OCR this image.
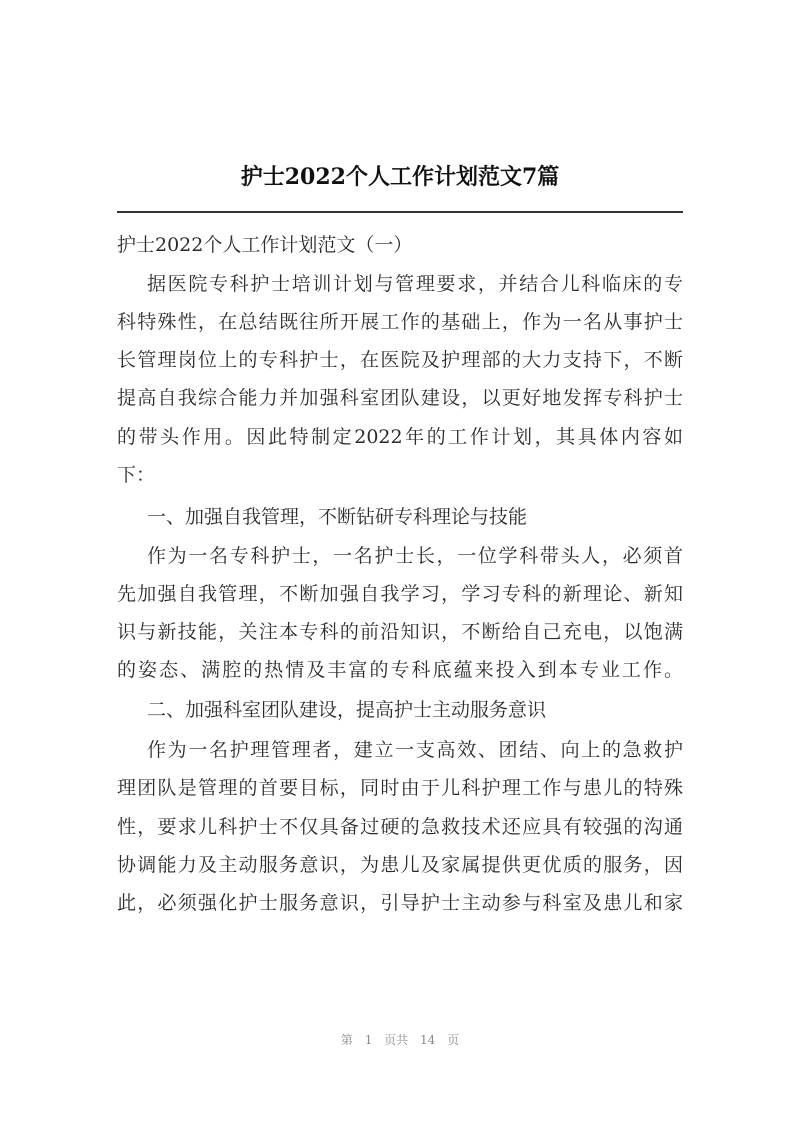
护士2022个人工作计划范文7篇
护士2022个人工作计划范文（一）
据医院专科护士培训计划与管理要求，并结合儿科临床的专
科特殊性，在总结既往所开展工作的基础上，作为一名从事护士
长管理岗位上的专科护士，在医院及护理部的大力支持下，不断
提高自我综合能力并加强科室团队建设，以更好地发挥专科护士
的带头作用。因此特制定2022年的工作计划，其具体内容如
下：
一、加强自我管理，不断钻研专科理论与技能
作为一名专科护士，一名护士长，一位学科带头人，必须首
先加强自我管理，不断加强自我学习，学习专科的新理论、新知
识与新技能，关注本专科的前沿知识，不断给自己充电，以饱满
的姿态、满腔的热情及丰富的专科底蕴来投入到本专业工作。
二、加强科室团队建设，提高护士主动服务意识
作为一名护理管理者，建立一支高效、团结、向上的急救护
理团队是管理的首要目标，同时由于儿科护理工作与患儿的特殊
性，要求儿科护士不仅具备过硬的急救技术还应具有较强的沟通
协调能力及主动服务意识，为患儿及家属提供更优质的服务，因
此，必须强化护士服务意识，引导护士主动参与科室及患儿和家
第 1 页共 14 页
